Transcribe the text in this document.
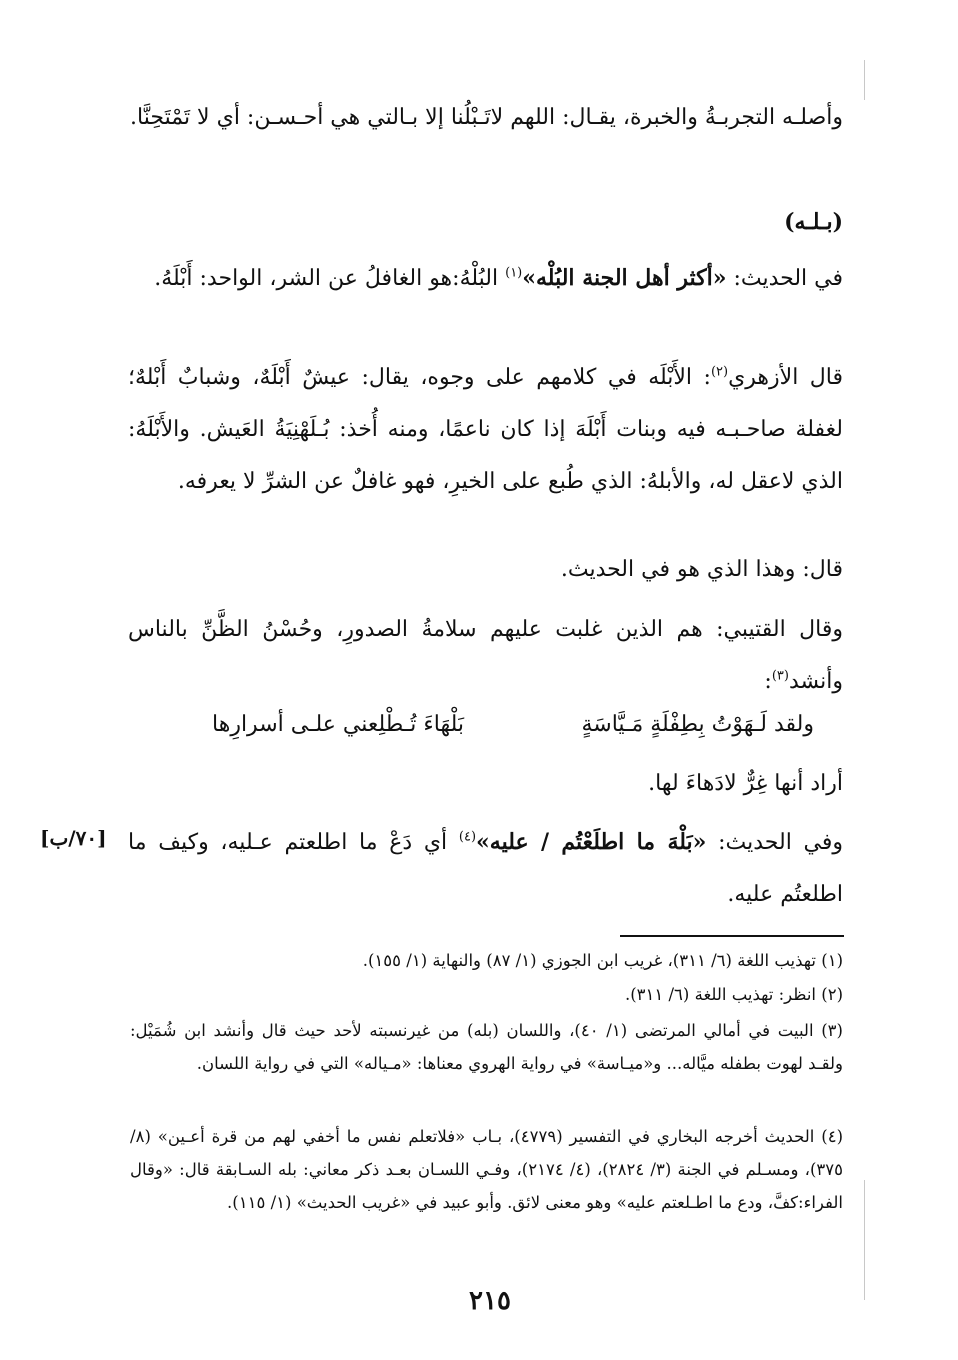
وأصلـه التجربـةُ والخبرة، يقـال: اللهم لاتَـبْلُنا إلا بـالتي هي أحـسـن: أي لا تَمْتَحِنَّا.

(بـلـه)

في الحديث: «أكثر أهل الجنة البُلْه»$^{(١)}$ البُلْهُ:هو الغافلُ عن الشر، الواحد: أَبْلَهُ.

قال الأزهري$^{(٢)}$: الأَبْلَه في كلامهم على وجوه، يقال: عيشٌ أَبْلَهٌ، وشبابٌ أَبْلهٌ؛ لغفلة صاحـبـه فيه وبنات أَبْلَهَ إذا كان ناعمًا، ومنه أُخذ: بُـلَهْنِيَةُ العَيش. والأَبْلَهُ: الذي لاعقل له، والأبلهُ: الذي طُبع على الخيرِ، فهو غافلٌ عن الشرِّ لا يعرفه.

قال: وهذا الذي هو في الحديث.

وقال القتيبي: هم الذين غلبت عليهم سلامةُ الصدورِ، وحُسْنُ الظَّنِّ بالناس وأنشد$^{(٣)}$:

ولقد لَـهَوْتُ بِطِفْلَةٍ مَـيَّاسَةٍ
بَلْهَاءَ تُـطْلِعني علـى أسرارِها

أراد أنها غِرٌّ لادَهاءَ لها.

وفي الحديث: «بَلْهَ ما اطلَعْتُم / عليه»$^{(٤)}$ أي دَعْ ما اطلعتم عـليه، وكيف ما اطلعتُم عليه.

[٧٠/ب]

(١) تهذيب اللغة (٦/ ٣١١)، غريب ابن الجوزي (١/ ٨٧) والنهاية (١/ ١٥٥).

(٢) انظر: تهذيب اللغة (٦/ ٣١١).

(٣) البيت في أمالي المرتضى (١/ ٤٠)، واللسان (بله) من غيرنسبته لأحد حيث قال وأنشد ابن شُمَيْل: ولقـد لهوت بطفله ميَّاله... و«ميـاسة» في رواية الهروي معناها: «مـياله» التي في رواية اللسان.

(٤) الحديث أخرجه البخاري في التفسير (٤٧٧٩)، بـاب «فلاتعلم نفس ما أخفي لهم من قرة أعـين» (٨/ ٣٧٥)، ومسـلم في الجنة (٣/ ٢٨٢٤)، (٤/ ٢١٧٤)، وفـي اللسـان بعـد ذكر معاني: بله السـابقة قال: «وقال الفراء:كفَّ، ودع ما اطـلعتم عليه» وهو معنى لائق. وأبو عبيد في «غريب الحديث» (١/ ١١٥).

٢١٥
